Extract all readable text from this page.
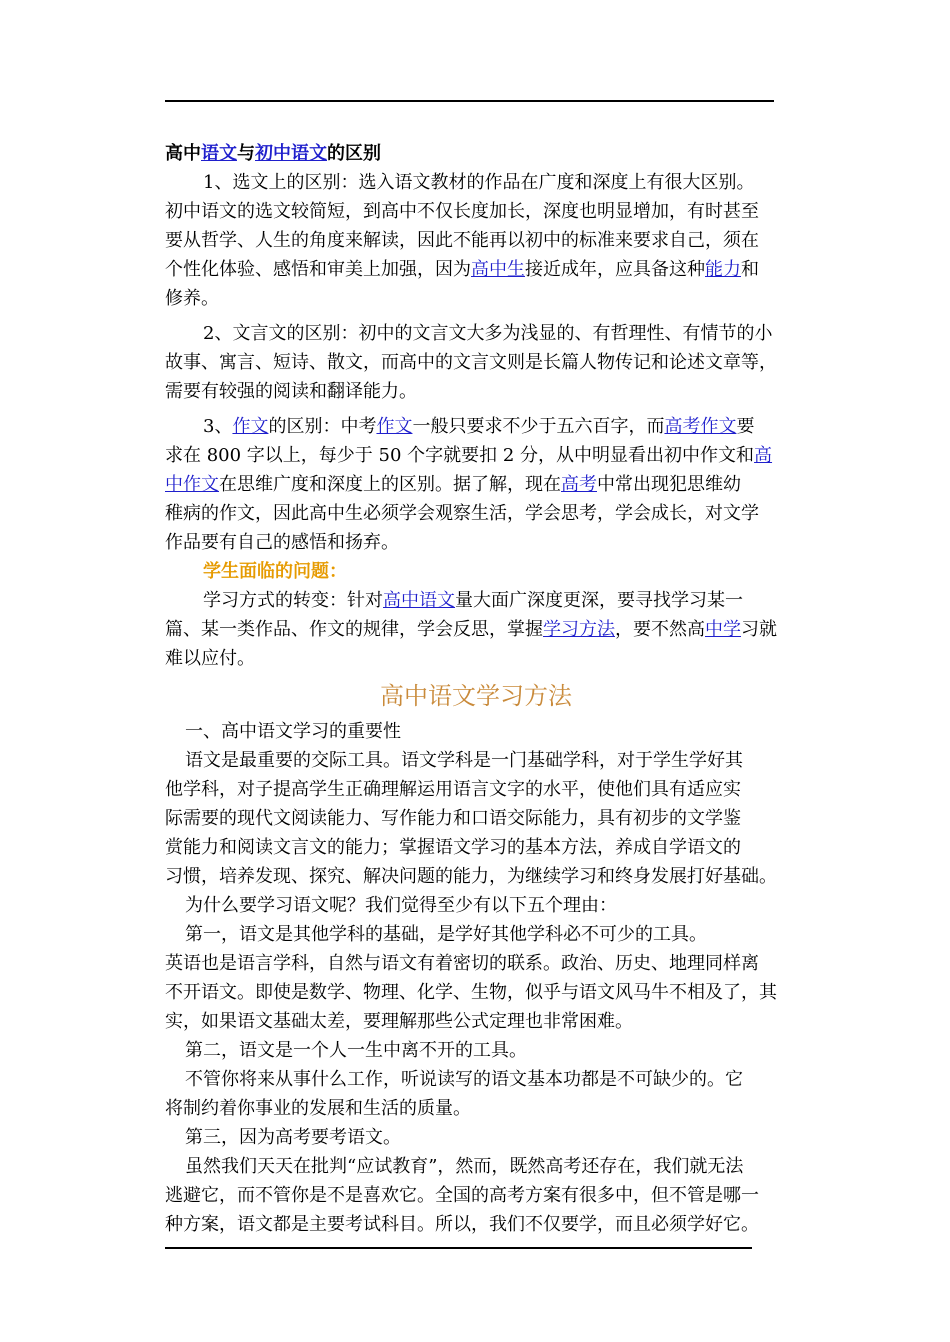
高中语文与初中语文的区别
1、选文上的区别：选入语文教材的作品在广度和深度上有很大区别。
初中语文的选文较简短，到高中不仅长度加长，深度也明显增加，有时甚至
要从哲学、人生的角度来解读，因此不能再以初中的标准来要求自己，须在
个性化体验、感悟和审美上加强，因为高中生接近成年，应具备这种能力和
修养。
2、文言文的区别：初中的文言文大多为浅显的、有哲理性、有情节的小
故事、寓言、短诗、散文，而高中的文言文则是长篇人物传记和论述文章等，
需要有较强的阅读和翻译能力。
3、作文的区别：中考作文一般只要求不少于五六百字，而高考作文要
求在 800 字以上，每少于 50 个字就要扣 2 分，从中明显看出初中作文和高
中作文在思维广度和深度上的区别。据了解，现在高考中常出现犯思维幼
稚病的作文，因此高中生必须学会观察生活，学会思考，学会成长，对文学
作品要有自己的感悟和扬弃。
学生面临的问题：
学习方式的转变：针对高中语文量大面广深度更深，要寻找学习某一
篇、某一类作品、作文的规律，学会反思，掌握学习方法，要不然高中学习就
难以应付。
高中语文学习方法
一、高中语文学习的重要性
语文是最重要的交际工具。语文学科是一门基础学科，对于学生学好其
他学科，对子提高学生正确理解运用语言文字的水平，使他们具有适应实
际需要的现代文阅读能力、写作能力和口语交际能力，具有初步的文学鉴
赏能力和阅读文言文的能力；掌握语文学习的基本方法，养成自学语文的
习惯，培养发现、探究、解决问题的能力，为继续学习和终身发展打好基础。
为什么要学习语文呢？我们觉得至少有以下五个理由：
第一，语文是其他学科的基础，是学好其他学科必不可少的工具。
英语也是语言学科，自然与语文有着密切的联系。政治、历史、地理同样离
不开语文。即使是数学、物理、化学、生物，似乎与语文风马牛不相及了，其
实，如果语文基础太差，要理解那些公式定理也非常困难。
第二，语文是一个人一生中离不开的工具。
不管你将来从事什么工作，听说读写的语文基本功都是不可缺少的。它
将制约着你事业的发展和生活的质量。
第三，因为高考要考语文。
虽然我们天天在批判“应试教育”，然而，既然高考还存在，我们就无法
逃避它，而不管你是不是喜欢它。全国的高考方案有很多中，但不管是哪一
种方案，语文都是主要考试科目。所以，我们不仅要学，而且必须学好它。
